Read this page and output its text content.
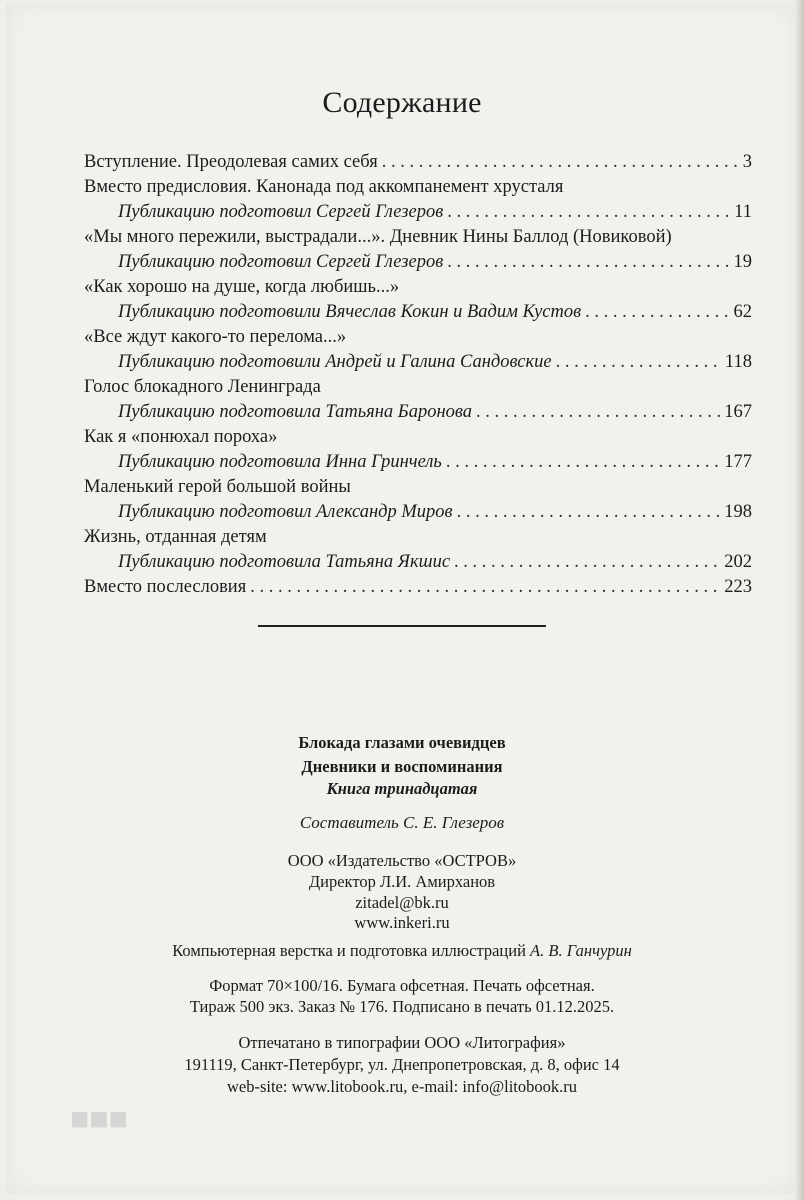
■■■
Содержание
Вступление. Преодолевая самих себя . . .	3
Вместо предисловия. Канонада под аккомпанемент хрусталя
Публикацию подготовил Сергей Глезеров . . .	11
«Мы много пережили, выстрадали...». Дневник Нины Баллод (Новиковой)
Публикацию подготовил Сергей Глезеров . . .	19
«Как хорошо на душе, когда любишь...»
Публикацию подготовили Вячеслав Кокин и Вадим Кустов . . .	62
«Все ждут какого-то перелома...»
Публикацию подготовили Андрей и Галина Сандовские . . .	118
Голос блокадного Ленинграда
Публикацию подготовила Татьяна Баронова . . .	167
Как я «понюхал пороха»
Публикацию подготовила Инна Гринчель . . .	177
Маленький герой большой войны
Публикацию подготовил Александр Миров . . .	198
Жизнь, отданная детям
Публикацию подготовила Татьяна Якшис . . .	202
Вместо послесловия . . .	223
Блокада глазами очевидцев
Дневники и воспоминания
Книга тринадцатая
Составитель С. Е. Глезеров
ООО «Издательство «ОСТРОВ»
Директор Л.И. Амирханов
zitadel@bk.ru
www.inkeri.ru
Компьютерная верстка и подготовка иллюстраций А. В. Ганчурин
Формат 70×100/16. Бумага офсетная. Печать офсетная.
Тираж 500 экз. Заказ № 176. Подписано в печать 01.12.2025.
Отпечатано в типографии ООО «Литография»
191119, Санкт-Петербург, ул. Днепропетровская, д. 8, офис 14
web-site: www.litobook.ru, e-mail: info@litobook.ru
